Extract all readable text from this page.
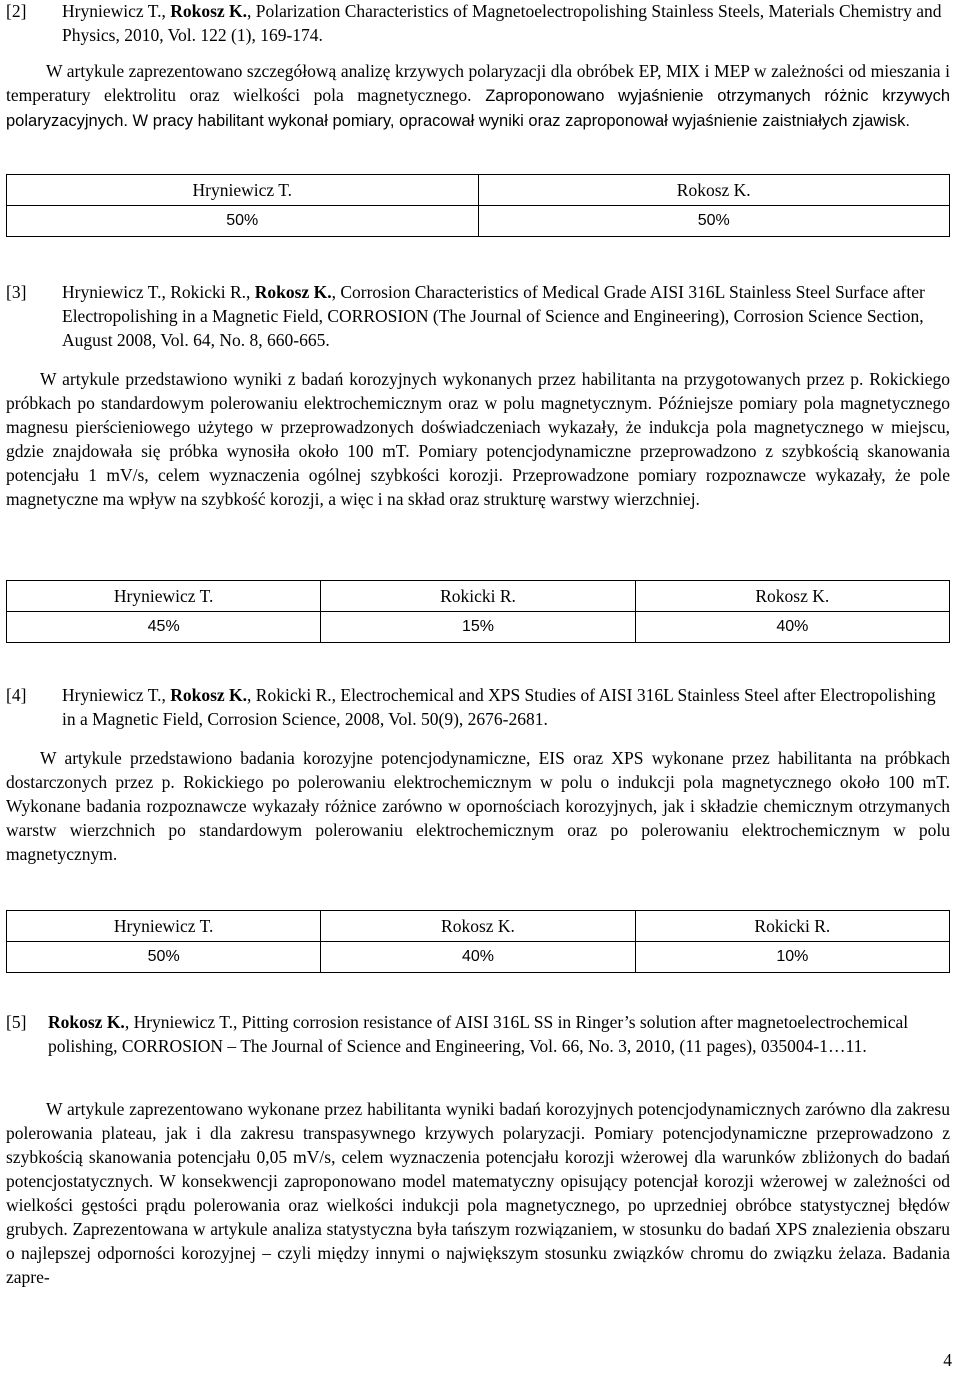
[2] Hryniewicz T., Rokosz K., Polarization Characteristics of Magnetoelectropolishing Stainless Steels, Materials Chemistry and Physics, 2010, Vol. 122 (1), 169-174.

W artykule zaprezentowano szczegółową analizę krzywych polaryzacji dla obróbek EP, MIX i MEP w zależności od mieszania i temperatury elektrolitu oraz wielkości pola magnetycznego. Zaproponowano wyjaśnienie otrzymanych różnic krzywych polaryzacyjnych. W pracy habilitant wykonał pomiary, opracował wyniki oraz zaproponował wyjaśnienie zaistniałych zjawisk.

Hryniewicz T.	Rokosz K.
50%	50%

[3] Hryniewicz T., Rokicki R., Rokosz K., Corrosion Characteristics of Medical Grade AISI 316L Stainless Steel Surface after Electropolishing in a Magnetic Field, CORROSION (The Journal of Science and Engineering), Corrosion Science Section, August 2008, Vol. 64, No. 8, 660-665.

W artykule przedstawiono wyniki z badań korozyjnych wykonanych przez habilitanta na przygotowanych przez p. Rokickiego próbkach po standardowym polerowaniu elektrochemicznym oraz w polu magnetycznym. Późniejsze pomiary pola magnetycznego magnesu pierścieniowego użytego w przeprowadzonych doświadczeniach wykazały, że indukcja pola magnetycznego w miejscu, gdzie znajdowała się próbka wynosiła około 100 mT. Pomiary potencjodynamiczne przeprowadzono z szybkością skanowania potencjału 1 mV/s, celem wyznaczenia ogólnej szybkości korozji. Przeprowadzone pomiary rozpoznawcze wykazały, że pole magnetyczne ma wpływ na szybkość korozji, a więc i na skład oraz strukturę warstwy wierzchniej.

Hryniewicz T.	Rokicki R.	Rokosz K.
45%	15%	40%

[4] Hryniewicz T., Rokosz K., Rokicki R., Electrochemical and XPS Studies of AISI 316L Stainless Steel after Electropolishing in a Magnetic Field, Corrosion Science, 2008, Vol. 50(9), 2676-2681.

W artykule przedstawiono badania korozyjne potencjodynamiczne, EIS oraz XPS wykonane przez habilitanta na próbkach dostarczonych przez p. Rokickiego po polerowaniu elektrochemicznym w polu o indukcji pola magnetycznego około 100 mT. Wykonane badania rozpoznawcze wykazały różnice zarówno w opornościach korozyjnych, jak i składzie chemicznym otrzymanych warstw wierzchnich po standardowym polerowaniu elektrochemicznym oraz po polerowaniu elektrochemicznym w polu magnetycznym.

Hryniewicz T.	Rokosz K.	Rokicki R.
50%	40%	10%

[5] Rokosz K., Hryniewicz T., Pitting corrosion resistance of AISI 316L SS in Ringer’s solution after magnetoelectrochemical polishing, CORROSION – The Journal of Science and Engineering, Vol. 66, No. 3, 2010, (11 pages), 035004-1…11.

W artykule zaprezentowano wykonane przez habilitanta wyniki badań korozyjnych potencjodynamicznych zarówno dla zakresu polerowania plateau, jak i dla zakresu transpasywnego krzywych polaryzacji. Pomiary potencjodynamiczne przeprowadzono z szybkością skanowania potencjału 0,05 mV/s, celem wyznaczenia potencjału korozji wżerowej dla warunków zbliżonych do badań potencjostatycznych. W konsekwencji zaproponowano model matematyczny opisujący potencjał korozji wżerowej w zależności od wielkości gęstości prądu polerowania oraz wielkości indukcji pola magnetycznego, po uprzedniej obróbce statystycznej błędów grubych. Zaprezentowana w artykule analiza statystyczna była tańszym rozwiązaniem, w stosunku do badań XPS znalezienia obszaru o najlepszej odporności korozyjnej – czyli między innymi o największym stosunku związków chromu do związku żelaza. Badania zapre-

4
